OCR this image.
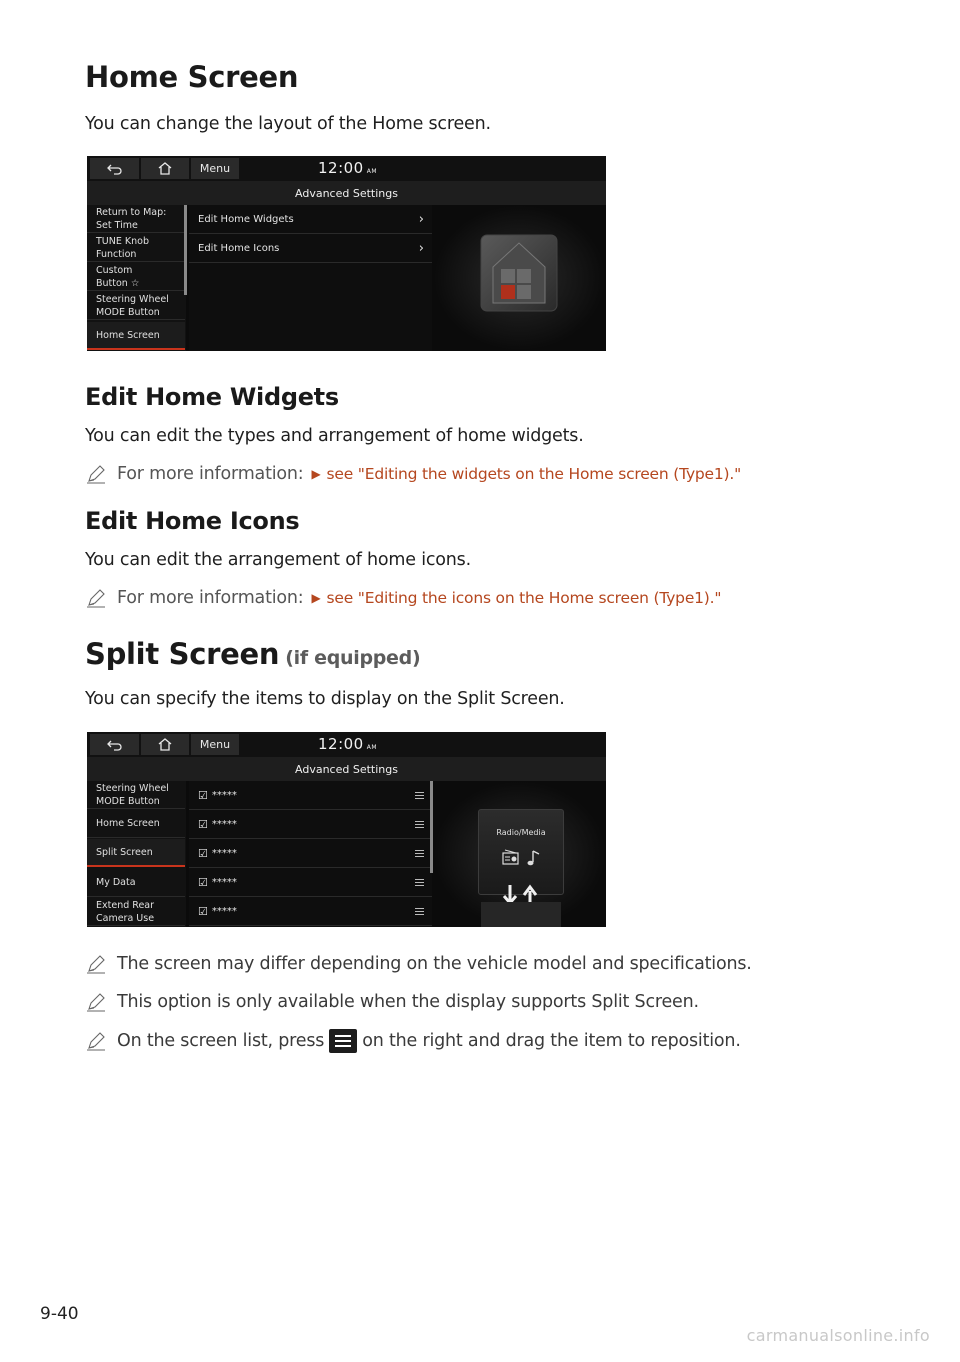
Home Screen
You can change the layout of the Home screen.
Menu	12:00 AM
Advanced Settings
Return to Map:
Set Time
TUNE Knob
Function
Custom
Button ☆
Steering Wheel
MODE Button
Home Screen
Edit Home Widgets	›
Edit Home Icons	›
Edit Home Widgets
You can edit the types and arrangement of home widgets.
For more information: ▶ see "Editing the widgets on the Home screen (Type1)."
Edit Home Icons
You can edit the arrangement of home icons.
For more information: ▶ see "Editing the icons on the Home screen (Type1)."
Split Screen (if equipped)
You can specify the items to display on the Split Screen.
Menu	12:00 AM
Advanced Settings
Steering Wheel
MODE Button
Home Screen
Split Screen
My Data
Extend Rear
Camera Use
☑ *****
☑ *****
☑ *****
☑ *****
☑ *****
Radio/Media
The screen may differ depending on the vehicle model and specifications.
This option is only available when the display supports Split Screen.
On the screen list, press on the right and drag the item to reposition.
9-40
carmanualsonline.info
